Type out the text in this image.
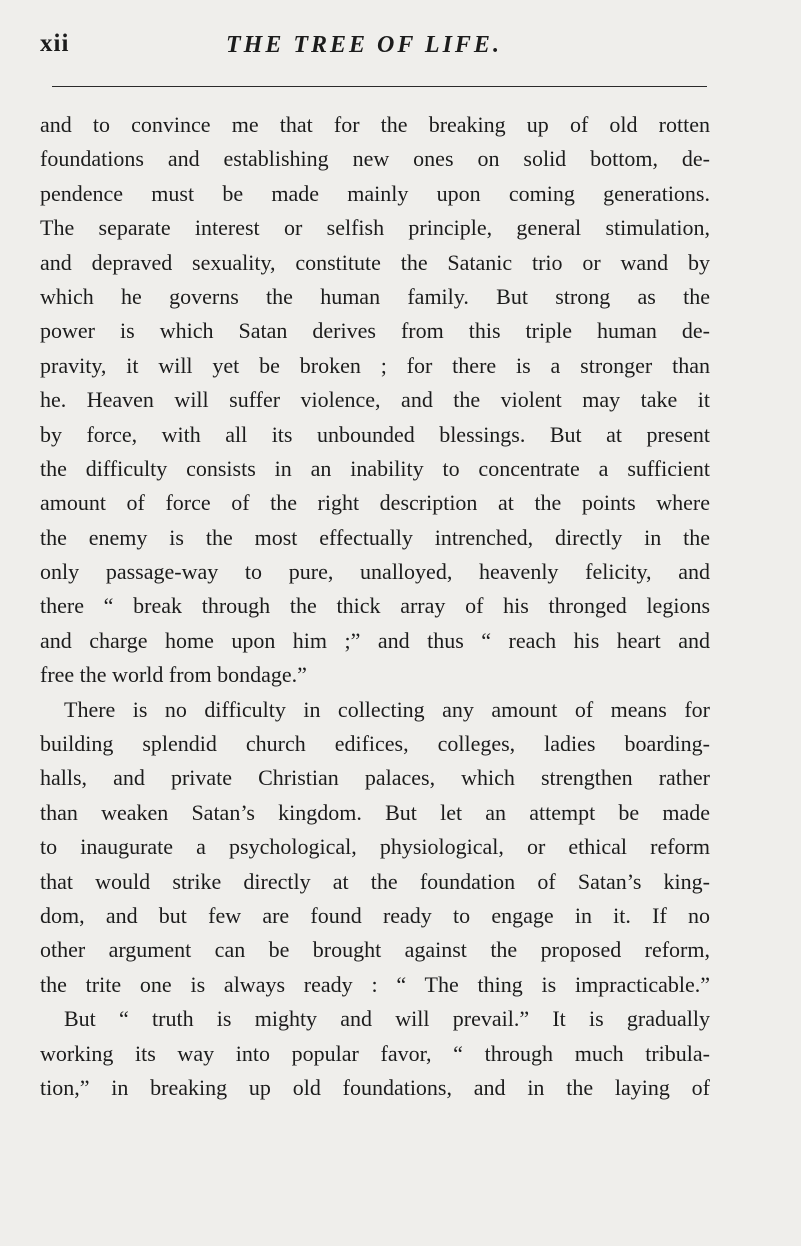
xii	THE TREE OF LIFE.
and to convince me that for the breaking up of old rotten
foundations and establishing new ones on solid bottom, de-
pendence must be made mainly upon coming generations.
The separate interest or selfish principle, general stimulation,
and depraved sexuality, constitute the Satanic trio or wand by
which he governs the human family. But strong as the
power is which Satan derives from this triple human de-
pravity, it will yet be broken ; for there is a stronger than
he. Heaven will suffer violence, and the violent may take it
by force, with all its unbounded blessings. But at present
the difficulty consists in an inability to concentrate a sufficient
amount of force of the right description at the points where
the enemy is the most effectually intrenched, directly in the
only passage-way to pure, unalloyed, heavenly felicity, and
there “ break through the thick array of his thronged legions
and charge home upon him ;” and thus “ reach his heart and
free the world from bondage.”
There is no difficulty in collecting any amount of means for
building splendid church edifices, colleges, ladies boarding-
halls, and private Christian palaces, which strengthen rather
than weaken Satan’s kingdom. But let an attempt be made
to inaugurate a psychological, physiological, or ethical reform
that would strike directly at the foundation of Satan’s king-
dom, and but few are found ready to engage in it. If no
other argument can be brought against the proposed reform,
the trite one is always ready : “ The thing is impracticable.”
But “ truth is mighty and will prevail.” It is gradually
working its way into popular favor, “ through much tribula-
tion,” in breaking up old foundations, and in the laying of
